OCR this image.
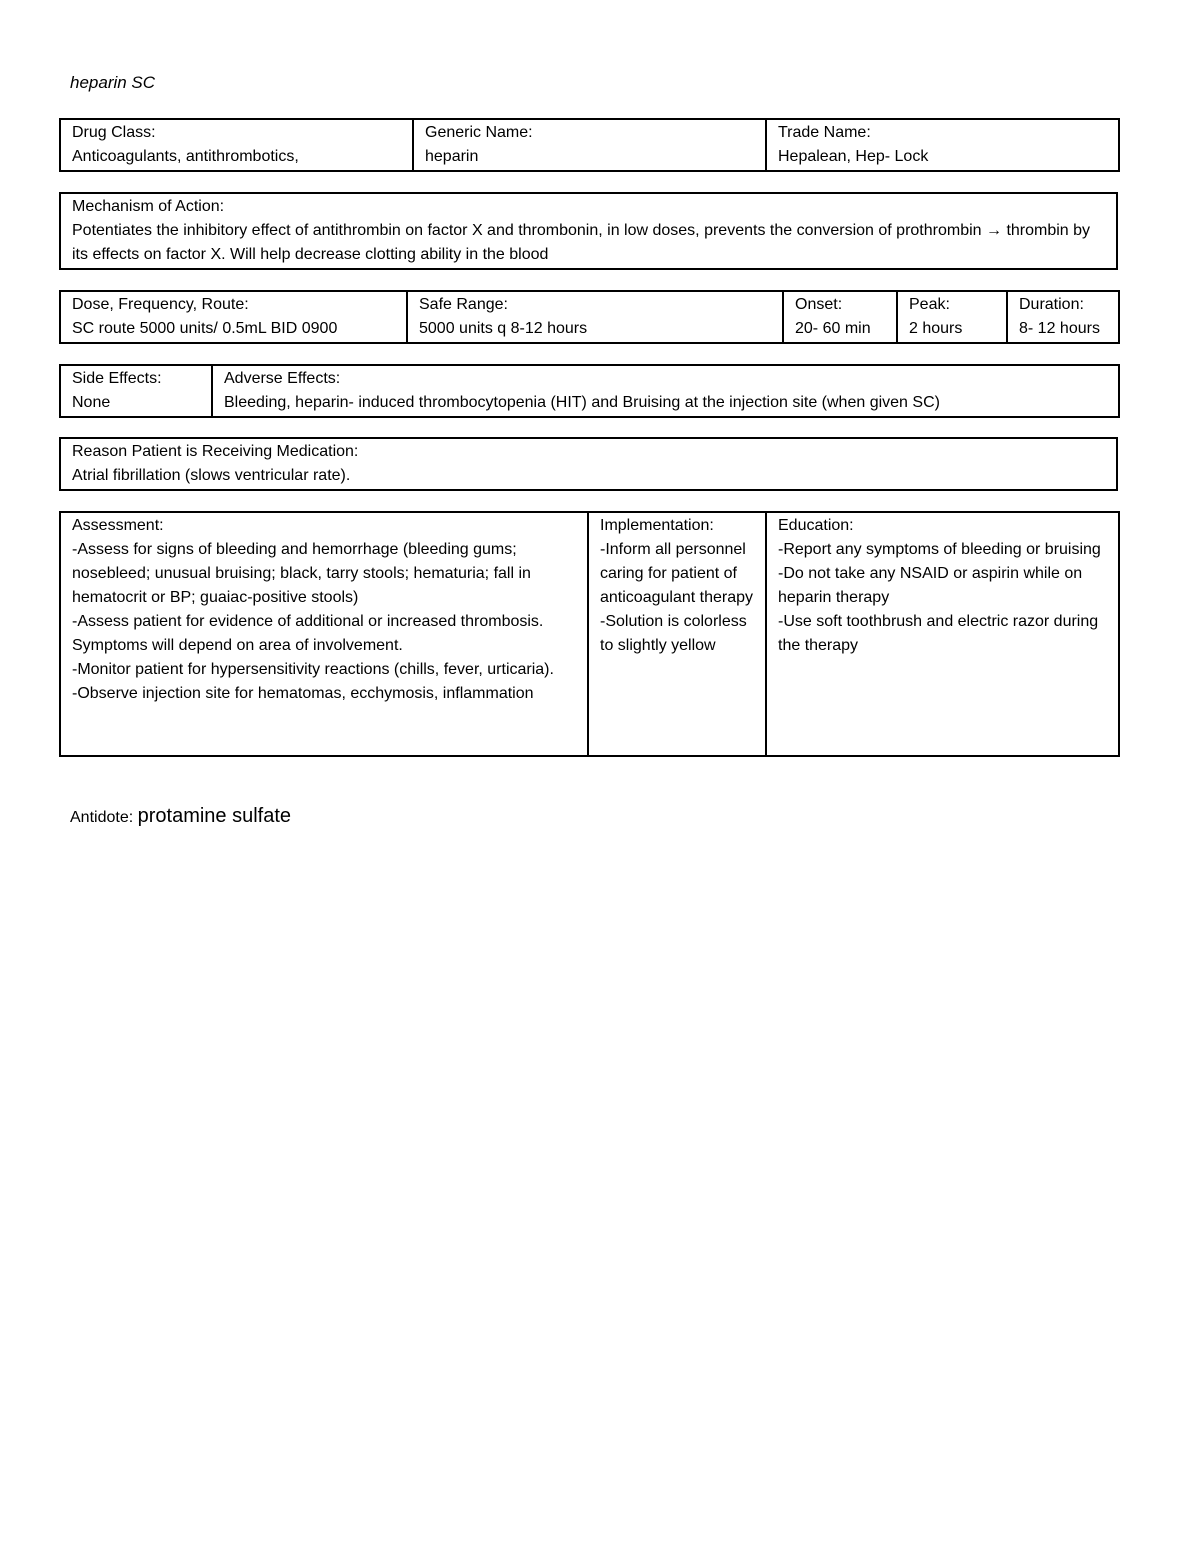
heparin SC
Drug Class:
Anticoagulants, antithrombotics,

Generic Name:
heparin

Trade Name:
Hepalean, Hep- Lock
Mechanism of Action:
Potentiates the inhibitory effect of antithrombin on factor X and thrombonin, in low doses, prevents the conversion of prothrombin → thrombin by its effects on factor X. Will help decrease clotting ability in the blood
Dose, Frequency, Route:
SC route 5000 units/ 0.5mL BID 0900

Safe Range:
5000 units q 8-12 hours

Onset:
20- 60 min

Peak:
2 hours

Duration:
8- 12 hours
Side Effects:
None

Adverse Effects:
Bleeding, heparin- induced thrombocytopenia (HIT) and Bruising at the injection site (when given SC)
Reason Patient is Receiving Medication:
Atrial fibrillation (slows ventricular rate).
Assessment:
-Assess for signs of bleeding and hemorrhage (bleeding gums; nosebleed; unusual bruising; black, tarry stools; hematuria; fall in hematocrit or BP; guaiac-positive stools)
-Assess patient for evidence of additional or increased thrombosis. Symptoms will depend on area of involvement.
-Monitor patient for hypersensitivity reactions (chills, fever, urticaria).
-Observe injection site for hematomas, ecchymosis, inflammation

Implementation:
-Inform all personnel caring for patient of anticoagulant therapy
-Solution is colorless to slightly yellow

Education:
-Report any symptoms of bleeding or bruising
-Do not take any NSAID or aspirin while on heparin therapy
-Use soft toothbrush and electric razor during the therapy
Antidote: protamine sulfate
